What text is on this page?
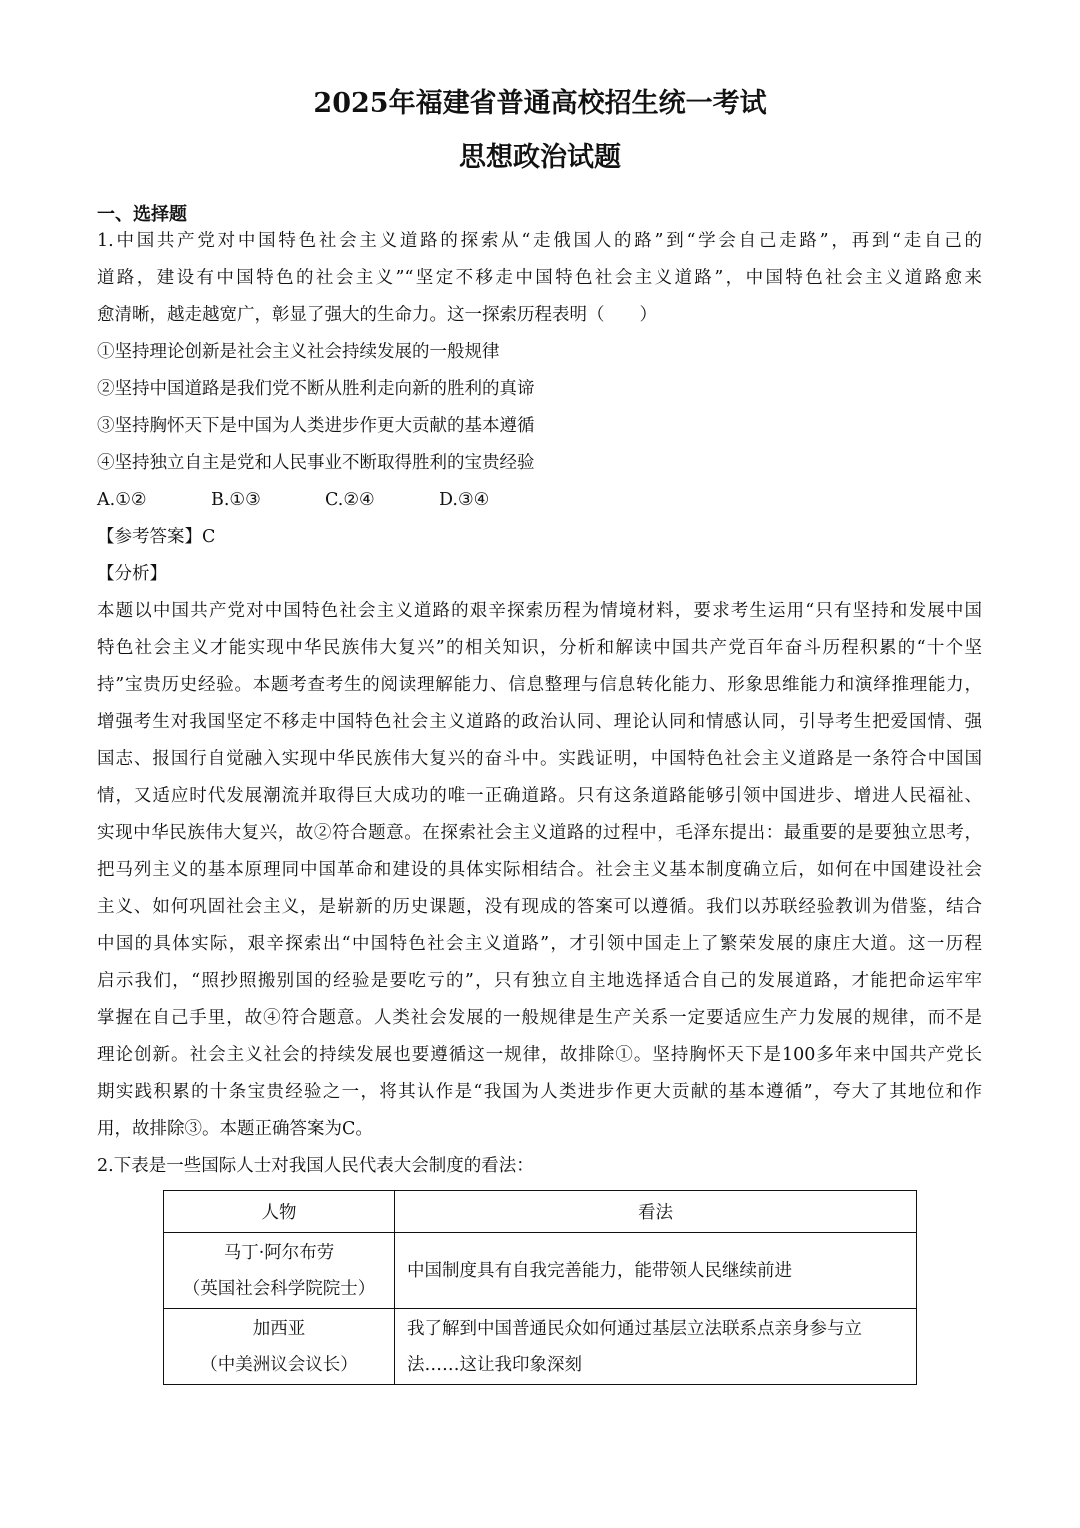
2025年福建省普通高校招生统一考试
思想政治试题
一、选择题
1.中国共产党对中国特色社会主义道路的探索从“走俄国人的路”到“学会自己走路”，再到“走自己的
道路，建设有中国特色的社会主义”“坚定不移走中国特色社会主义道路”，中国特色社会主义道路愈来
愈清晰，越走越宽广，彰显了强大的生命力。这一探索历程表明（　　）
①坚持理论创新是社会主义社会持续发展的一般规律
②坚持中国道路是我们党不断从胜利走向新的胜利的真谛
③坚持胸怀天下是中国为人类进步作更大贡献的基本遵循
④坚持独立自主是党和人民事业不断取得胜利的宝贵经验
A.①②	B.①③	C.②④	D.③④
【参考答案】C
【分析】
本题以中国共产党对中国特色社会主义道路的艰辛探索历程为情境材料，要求考生运用“只有坚持和发展中国
特色社会主义才能实现中华民族伟大复兴”的相关知识，分析和解读中国共产党百年奋斗历程积累的“十个坚
持”宝贵历史经验。本题考查考生的阅读理解能力、信息整理与信息转化能力、形象思维能力和演绎推理能力，
增强考生对我国坚定不移走中国特色社会主义道路的政治认同、理论认同和情感认同，引导考生把爱国情、强
国志、报国行自觉融入实现中华民族伟大复兴的奋斗中。实践证明，中国特色社会主义道路是一条符合中国国
情，又适应时代发展潮流并取得巨大成功的唯一正确道路。只有这条道路能够引领中国进步、增进人民福祉、
实现中华民族伟大复兴，故②符合题意。在探索社会主义道路的过程中，毛泽东提出：最重要的是要独立思考，
把马列主义的基本原理同中国革命和建设的具体实际相结合。社会主义基本制度确立后，如何在中国建设社会
主义、如何巩固社会主义，是崭新的历史课题，没有现成的答案可以遵循。我们以苏联经验教训为借鉴，结合
中国的具体实际，艰辛探索出“中国特色社会主义道路”，才引领中国走上了繁荣发展的康庄大道。这一历程
启示我们，“照抄照搬别国的经验是要吃亏的”，只有独立自主地选择适合自己的发展道路，才能把命运牢牢
掌握在自己手里，故④符合题意。人类社会发展的一般规律是生产关系一定要适应生产力发展的规律，而不是
理论创新。社会主义社会的持续发展也要遵循这一规律，故排除①。坚持胸怀天下是100多年来中国共产党长
期实践积累的十条宝贵经验之一，将其认作是“我国为人类进步作更大贡献的基本遵循”，夸大了其地位和作
用，故排除③。本题正确答案为C。
2.下表是一些国际人士对我国人民代表大会制度的看法：
人物	看法

马丁·阿尔布劳
（英国社会科学院院士）	中国制度具有自我完善能力，能带领人民继续前进

加西亚
（中美洲议会议长）	我了解到中国普通民众如何通过基层立法联系点亲身参与立法……这让我印象深刻
